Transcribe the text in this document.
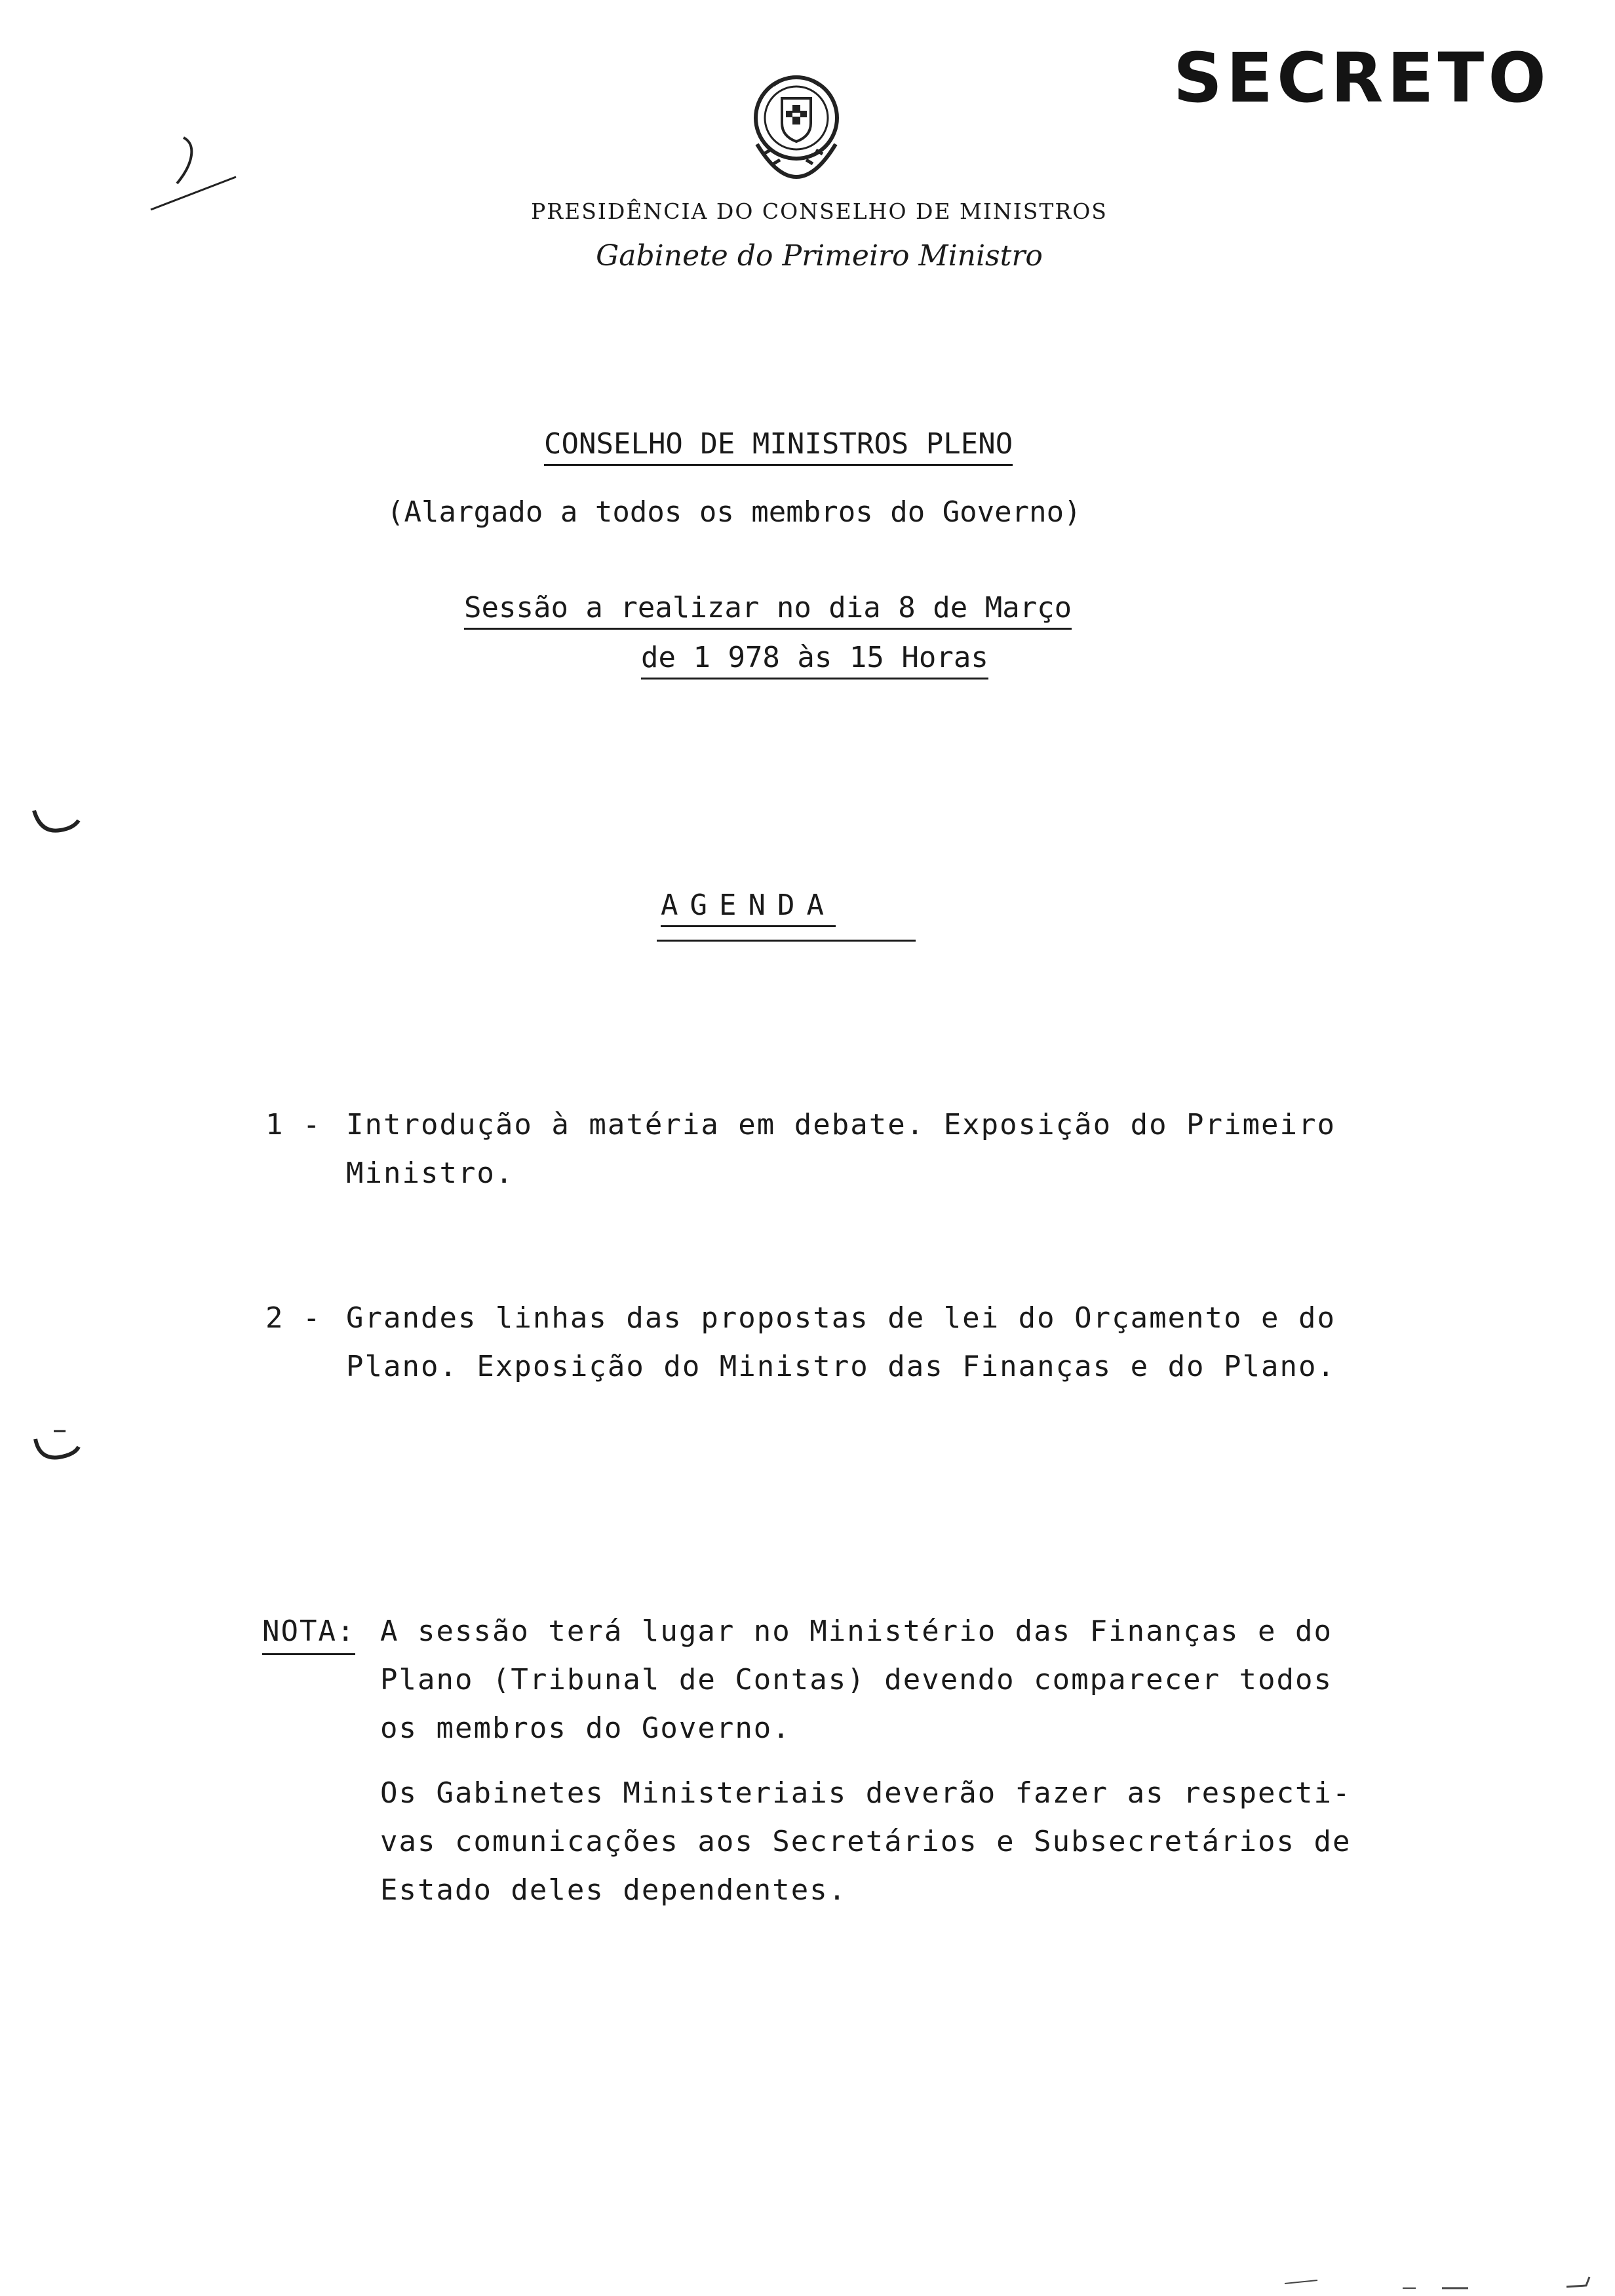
SECRETO
PRESIDÊNCIA DO CONSELHO DE MINISTROS
Gabinete do Primeiro Ministro
CONSELHO DE MINISTROS PLENO
(Alargado a todos os membros do Governo)
Sessão a realizar no dia 8 de Março
de 1 978 às 15 Horas
AGENDA
1 - Introdução à matéria em debate. Exposição do Primeiro
Ministro.
2 - Grandes linhas das propostas de lei do Orçamento e do
Plano. Exposição do Ministro das Finanças e do Plano.
NOTA: A sessão terá lugar no Ministério das Finanças e do
Plano (Tribunal de Contas) devendo comparecer todos
os membros do Governo.
Os Gabinetes Ministeriais deverão fazer as respecti-
vas comunicações aos Secretários e Subsecretários de
Estado deles dependentes.
